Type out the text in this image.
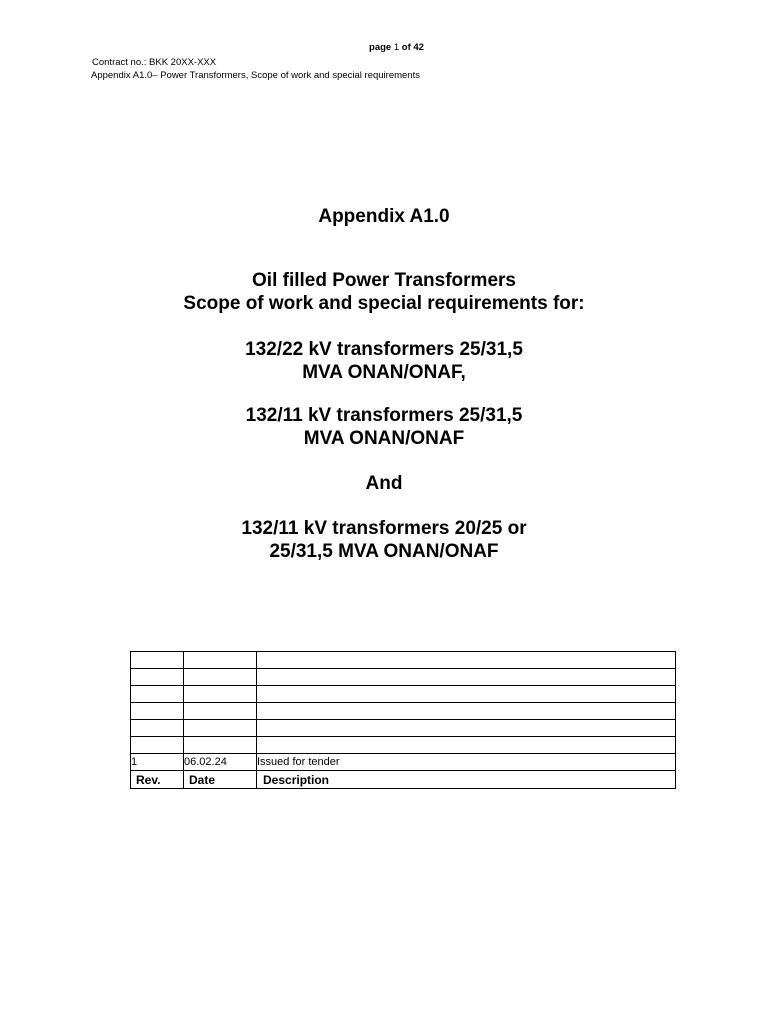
page 1 of 42
Contract no.: BKK 20XX-XXX
Appendix A1.0– Power Transformers, Scope of work and special requirements
Appendix A1.0
Oil filled Power Transformers
Scope of work and special requirements for:
132/22 kV transformers 25/31,5
MVA ONAN/ONAF,
132/11 kV transformers 25/31,5
MVA ONAN/ONAF
And
132/11 kV transformers 20/25 or
25/31,5 MVA ONAN/ONAF

1	06.02.24	Issued for tender
Rev.	Date	Description
